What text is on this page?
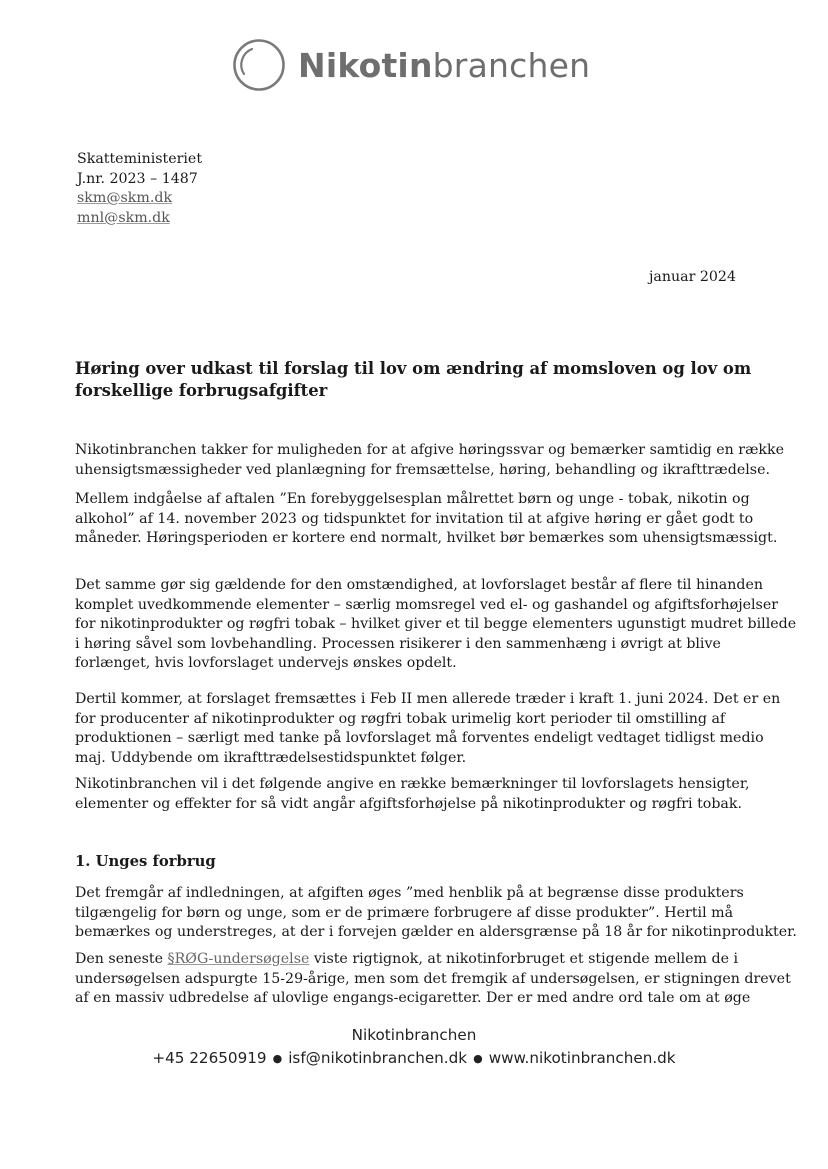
Nikotinbranchen
Skatteministeriet
J.nr. 2023 – 1487
skm@skm.dk
mnl@skm.dk
januar 2024
Høring over udkast til forslag til lov om ændring af momsloven og lov om
forskellige forbrugsafgifter

Nikotinbranchen takker for muligheden for at afgive høringssvar og bemærker samtidig en række
uhensigtsmæssigheder ved planlægning for fremsættelse, høring, behandling og ikrafttrædelse.

Mellem indgåelse af aftalen ”En forebyggelsesplan målrettet børn og unge - tobak, nikotin og
alkohol” af 14. november 2023 og tidspunktet for invitation til at afgive høring er gået godt to
måneder. Høringsperioden er kortere end normalt, hvilket bør bemærkes som uhensigtsmæssigt.

Det samme gør sig gældende for den omstændighed, at lovforslaget består af flere til hinanden
komplet uvedkommende elementer – særlig momsregel ved el- og gashandel og afgiftsforhøjelser
for nikotinprodukter og røgfri tobak – hvilket giver et til begge elementers ugunstigt mudret billede
i høring såvel som lovbehandling. Processen risikerer i den sammenhæng i øvrigt at blive
forlænget, hvis lovforslaget undervejs ønskes opdelt.

Dertil kommer, at forslaget fremsættes i Feb II men allerede træder i kraft 1. juni 2024. Det er en
for producenter af nikotinprodukter og røgfri tobak urimelig kort perioder til omstilling af
produktionen – særligt med tanke på lovforslaget må forventes endeligt vedtaget tidligst medio
maj. Uddybende om ikrafttrædelsestidspunktet følger.

Nikotinbranchen vil i det følgende angive en række bemærkninger til lovforslagets hensigter,
elementer og effekter for så vidt angår afgiftsforhøjelse på nikotinprodukter og røgfri tobak.

1. Unges forbrug

Det fremgår af indledningen, at afgiften øges ”med henblik på at begrænse disse produkters
tilgængelig for børn og unge, som er de primære forbrugere af disse produkter”. Hertil må
bemærkes og understreges, at der i forvejen gælder en aldersgrænse på 18 år for nikotinprodukter.

Den seneste §RØG-undersøgelse viste rigtignok, at nikotinforbruget et stigende mellem de i
undersøgelsen adspurgte 15-29-årige, men som det fremgik af undersøgelsen, er stigningen drevet
af en massiv udbredelse af ulovlige engangs-ecigaretter. Der er med andre ord tale om at øge

Nikotinbranchen
+45 22650919 ● isf@nikotinbranchen.dk ● www.nikotinbranchen.dk
